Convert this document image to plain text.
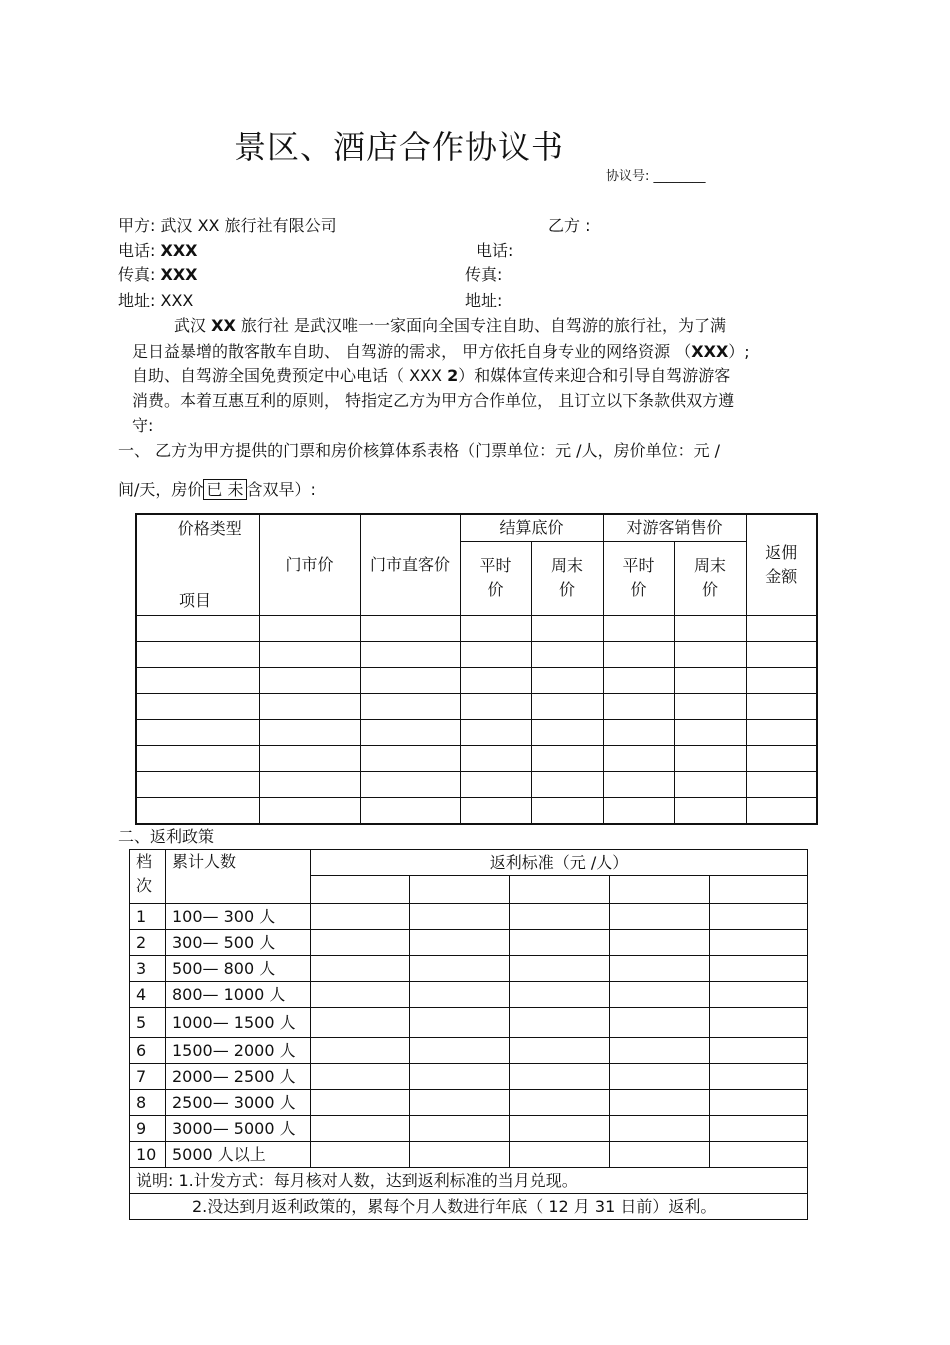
景区、酒店合作协议书
协议号: ________
甲方: 武汉 XX 旅行社有限公司	乙方 :
电话: XXX	电话:
传真: XXX	传真:
地址: XXX	地址:
武汉 XX 旅行社 是武汉唯一一家面向全国专注自助、自驾游的旅行社，为了满
足日益暴增的散客散车自助、 自驾游的需求， 甲方依托自身专业的网络资源 （XXX）;
自助、自驾游全国免费预定中心电话（ XXX 2）和媒体宣传来迎合和引导自驾游游客
消费。本着互惠互利的原则， 特指定乙方为甲方合作单位， 且订立以下条款供双方遵
守:
一、 乙方为甲方提供的门票和房价核算体系表格（门票单位：元 /人，房价单位：元 /
间/天，房价 已 未 含双早）:
价格类型
项目	门市价	门市直客价	结算底价		对游客销售价		返佣金额
			平时价	周末价	平时价	周末价	

二、返利政策
档次	累计人数	返利标准（元 /人）				

1	100— 300 人					
2	300— 500 人					
3	500— 800 人					
4	800— 1000 人					
5	1000— 1500 人					
6	1500— 2000 人					
7	2000— 2500 人					
8	2500— 3000 人					
9	3000— 5000 人					
10	5000 人以上					
说明: 1.计发方式：每月核对人数，达到返利标准的当月兑现。						
2.没达到月返利政策的，累每个月人数进行年底（ 12 月 31 日前）返利。						
